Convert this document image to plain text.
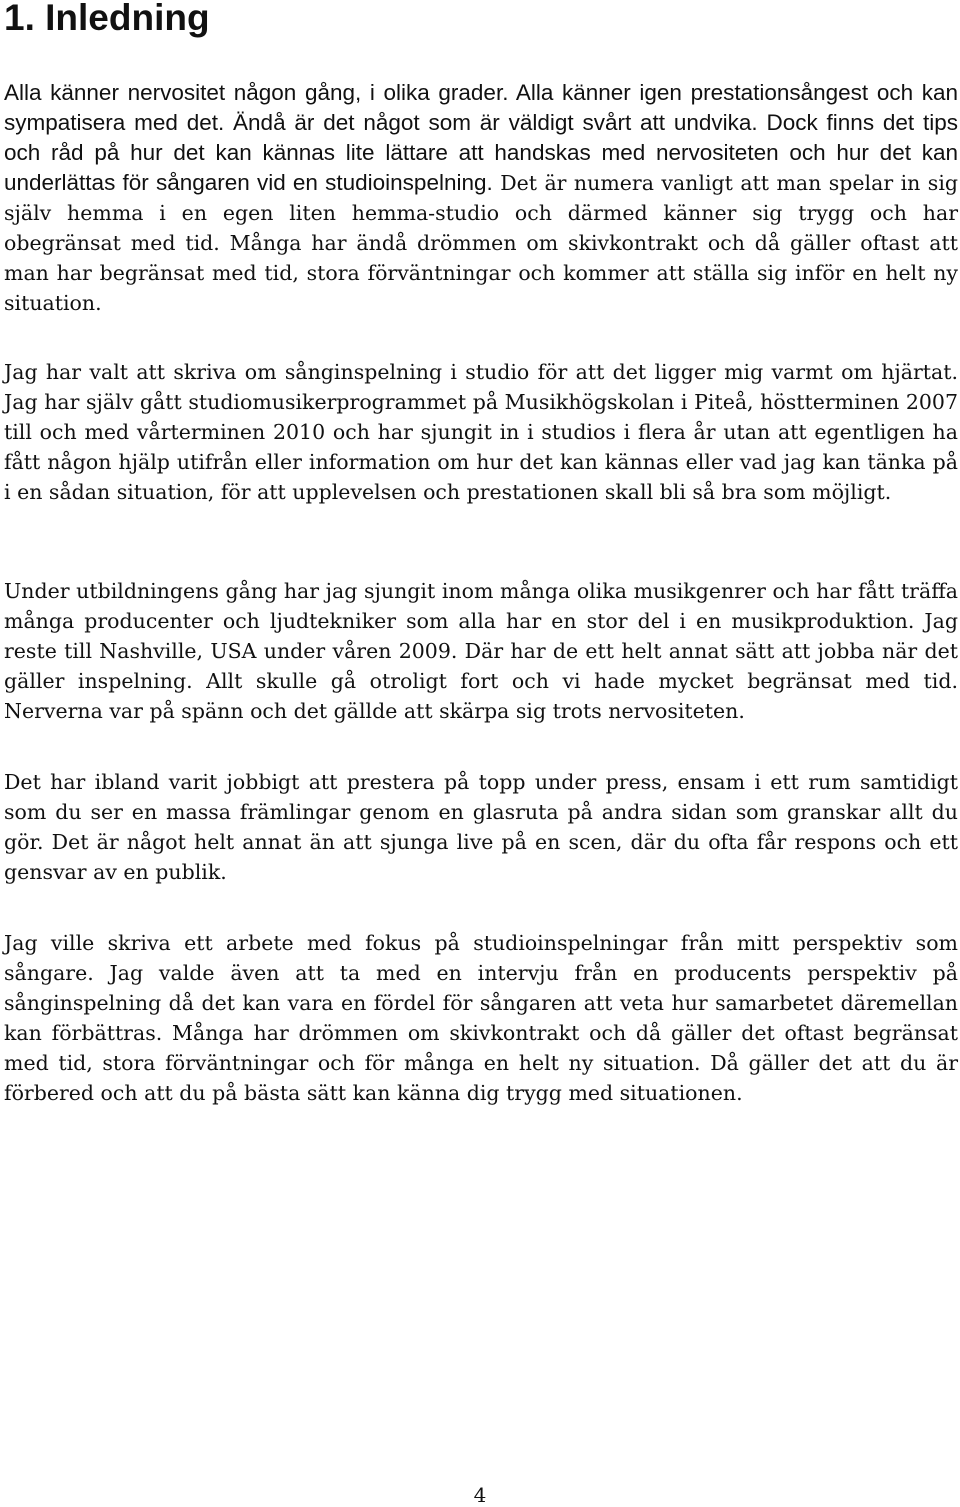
1. Inledning

Alla känner nervositet någon gång, i olika grader. Alla känner igen prestationsångest och kan sympatisera med det. Ändå är det något som är väldigt svårt att undvika. Dock finns det tips och råd på hur det kan kännas lite lättare att handskas med nervositeten och hur det kan underlättas för sångaren vid en studioinspelning. Det är numera vanligt att man spelar in sig själv hemma i en egen liten hemma-studio och därmed känner sig trygg och har obegränsat med tid. Många har ändå drömmen om skivkontrakt och då gäller oftast att man har begränsat med tid, stora förväntningar och kommer att ställa sig inför en helt ny situation.

Jag har valt att skriva om sånginspelning i studio för att det ligger mig varmt om hjärtat. Jag har själv gått studiomusikerprogrammet på Musikhögskolan i Piteå, höstterminen 2007 till och med vårterminen 2010 och har sjungit in i studios i flera år utan att egentligen ha fått någon hjälp utifrån eller information om hur det kan kännas eller vad jag kan tänka på i en sådan situation, för att upplevelsen och prestationen skall bli så bra som möjligt.

Under utbildningens gång har jag sjungit inom många olika musikgenrer och har fått träffa många producenter och ljudtekniker som alla har en stor del i en musikproduktion. Jag reste till Nashville, USA under våren 2009. Där har de ett helt annat sätt att jobba när det gäller inspelning. Allt skulle gå otroligt fort och vi hade mycket begränsat med tid. Nerverna var på spänn och det gällde att skärpa sig trots nervositeten.

Det har ibland varit jobbigt att prestera på topp under press, ensam i ett rum samtidigt som du ser en massa främlingar genom en glasruta på andra sidan som granskar allt du gör. Det är något helt annat än att sjunga live på en scen, där du ofta får respons och ett gensvar av en publik.

Jag ville skriva ett arbete med fokus på studioinspelningar från mitt perspektiv som sångare. Jag valde även att ta med en intervju från en producents perspektiv på sånginspelning då det kan vara en fördel för sångaren att veta hur samarbetet däremellan kan förbättras. Många har drömmen om skivkontrakt och då gäller det oftast begränsat med tid, stora förväntningar och för många en helt ny situation. Då gäller det att du är förbered och att du på bästa sätt kan känna dig trygg med situationen.

4
